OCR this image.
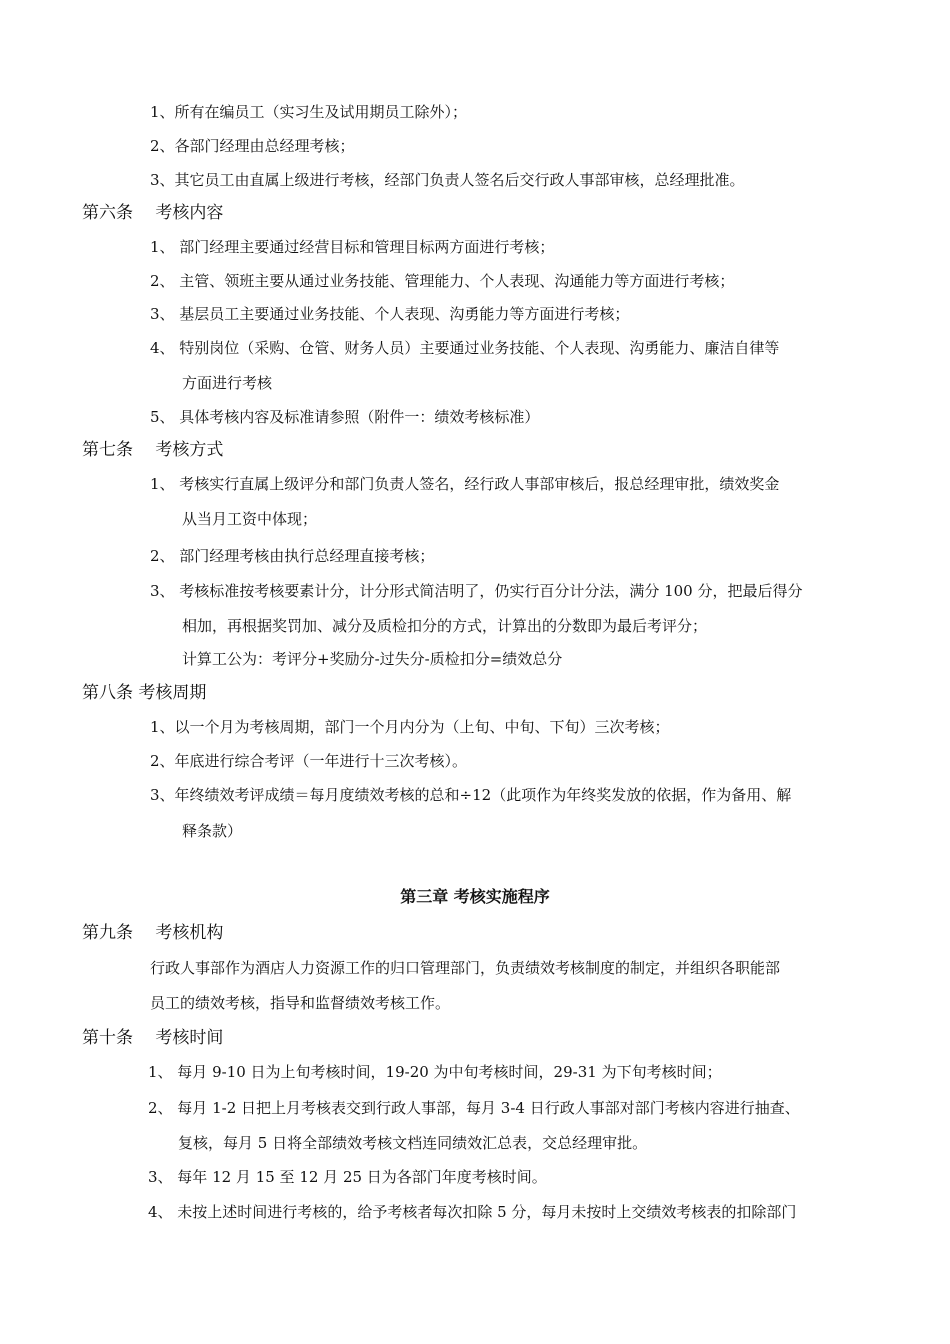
1、所有在编员工（实习生及试用期员工除外）；
2、各部门经理由总经理考核；
3、其它员工由直属上级进行考核，经部门负责人签名后交行政人事部审核，总经理批准。
第六条　 考核内容
1、 部门经理主要通过经营目标和管理目标两方面进行考核；
2、 主管、领班主要从通过业务技能、管理能力、个人表现、沟通能力等方面进行考核；
3、 基层员工主要通过业务技能、个人表现、沟勇能力等方面进行考核；
4、 特别岗位（采购、仓管、财务人员）主要通过业务技能、个人表现、沟勇能力、廉洁自律等
方面进行考核
5、 具体考核内容及标准请参照（附件一：绩效考核标准）
第七条　 考核方式
1、 考核实行直属上级评分和部门负责人签名，经行政人事部审核后，报总经理审批，绩效奖金
从当月工资中体现；
2、 部门经理考核由执行总经理直接考核；
3、 考核标准按考核要素计分，计分形式简洁明了，仍实行百分计分法，满分 100 分，把最后得分
相加，再根据奖罚加、减分及质检扣分的方式，计算出的分数即为最后考评分；
计算工公为：考评分+奖励分-过失分-质检扣分=绩效总分
第八条 考核周期
1、以一个月为考核周期，部门一个月内分为（上旬、中旬、下旬）三次考核；
2、年底进行综合考评（一年进行十三次考核）。
3、年终绩效考评成绩＝每月度绩效考核的总和÷12（此项作为年终奖发放的依据，作为备用、解
释条款）
第三章 考核实施程序
第九条　 考核机构
行政人事部作为酒店人力资源工作的归口管理部门，负责绩效考核制度的制定，并组织各职能部
员工的绩效考核，指导和监督绩效考核工作。
第十条　 考核时间
1、 每月 9-10 日为上旬考核时间，19-20 为中旬考核时间，29-31 为下旬考核时间；
2、 每月 1-2 日把上月考核表交到行政人事部，每月 3-4 日行政人事部对部门考核内容进行抽查、
复核，每月 5 日将全部绩效考核文档连同绩效汇总表，交总经理审批。
3、 每年 12 月 15 至 12 月 25 日为各部门年度考核时间。
4、 未按上述时间进行考核的，给予考核者每次扣除 5 分，每月未按时上交绩效考核表的扣除部门
